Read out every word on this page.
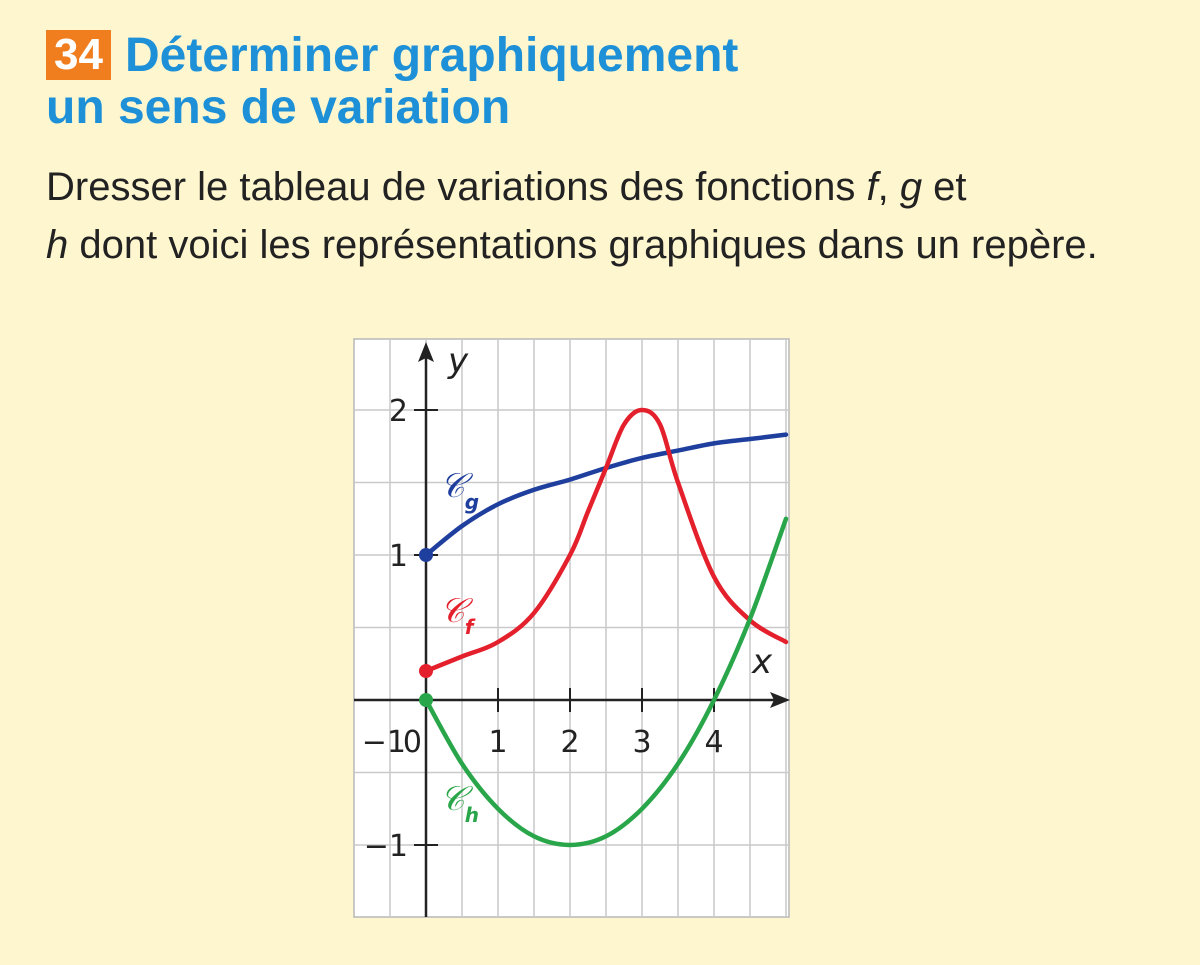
34 Déterminer graphiquement
un sens de variation
Dresser le tableau de variations des fonctions f, g et
h dont voici les représentations graphiques dans un repère.
−1
0 1 2 3 4
2
1
−1
𝒞$_g$
𝒞$_f$
𝒞$_h$
y
x
